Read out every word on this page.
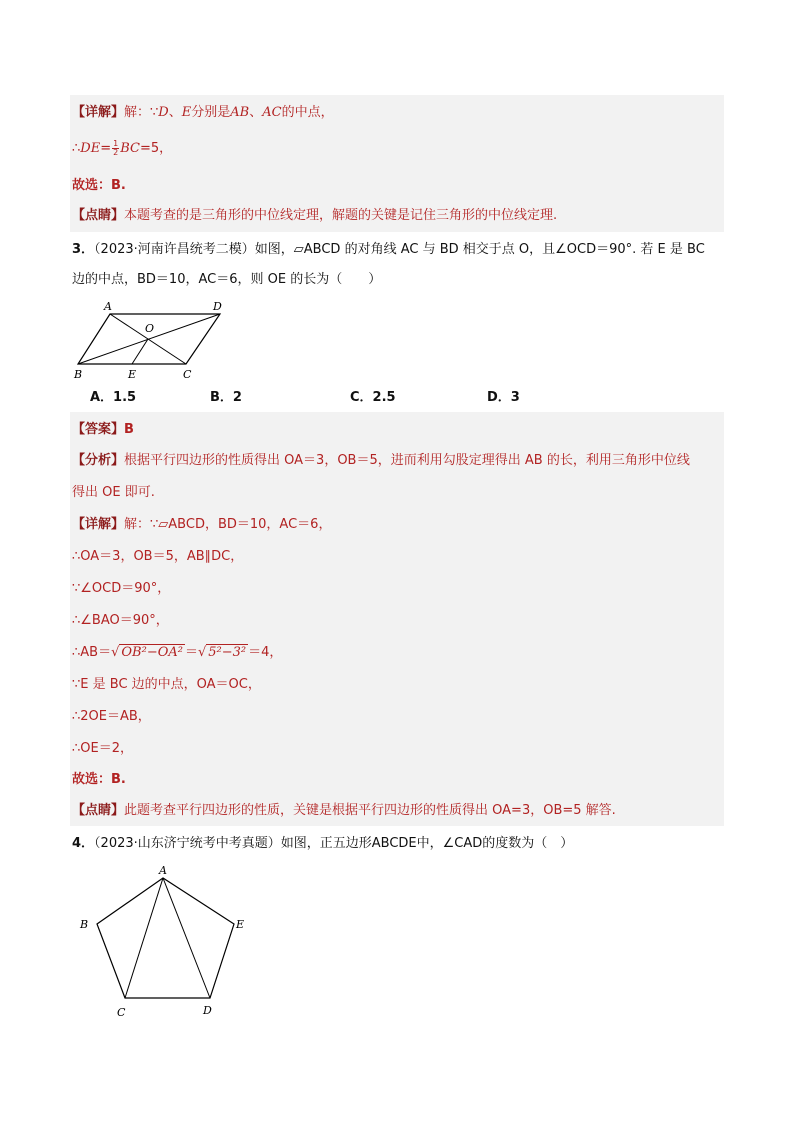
【详解】解：∵D、E分别是AB、AC的中点，
∴DE= $\frac{1}{2} BC=5$，
故选：B.
【点睛】本题考查的是三角形的中位线定理，解题的关键是记住三角形的中位线定理.
3．（2023·河南许昌统考二模）如图，▱ABCD 的对角线 AC 与 BD 相交于点 O，且∠OCD＝90°. 若 E 是 BC
边的中点，BD＝10，AC＝6，则 OE 的长为（　　）
A	D
O
B	E	C
A．1.5	B．2	C．2.5	D．3
【答案】B
【分析】根据平行四边形的性质得出 OA＝3，OB＝5，进而利用勾股定理得出 AB 的长，利用三角形中位线
得出 OE 即可.
【详解】解：∵▱ABCD，BD＝10，AC＝6，
∴OA＝3，OB＝5，AB∥DC，
∵∠OCD＝90°，
∴∠BAO＝90°，
∴AB＝√ OB²−OA² ＝√ 5²−3² ＝4，
∵E 是 BC 边的中点，OA＝OC，
∴2OE＝AB，
∴OE＝2，
故选：B.
【点睛】此题考查平行四边形的性质，关键是根据平行四边形的性质得出 OA=3，OB=5 解答.
4．（2023·山东济宁统考中考真题）如图，正五边形ABCDE中，∠CAD的度数为（　）
A
B	E
C	D
